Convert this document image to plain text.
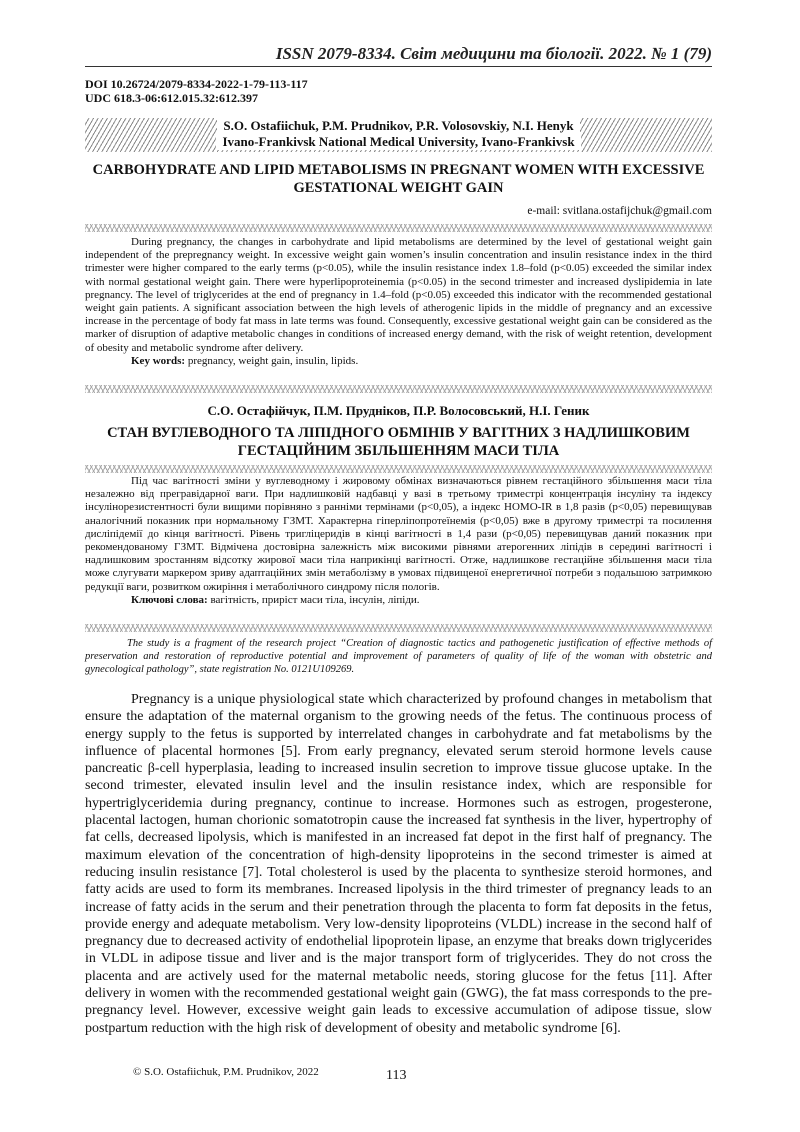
ISSN 2079-8334. Світ медицини та біології. 2022. № 1 (79)
DOI 10.26724/2079-8334-2022-1-79-113-117
UDC 618.3-06:612.015.32:612.397
S.O. Ostafiichuk, P.M. Prudnikov, P.R. Volosovskiy, N.I. Henyk
Ivano-Frankivsk National Medical University, Ivano-Frankivsk
CARBOHYDRATE AND LIPID METABOLISMS IN PREGNANT WOMEN WITH EXCESSIVE
GESTATIONAL WEIGHT GAIN
e-mail: svitlana.ostafijchuk@gmail.com

During pregnancy, the changes in carbohydrate and lipid metabolisms are determined by the level of gestational weight gain independent of the prepregnancy weight. In excessive weight gain women’s insulin concentration and insulin resistance index in the third trimester were higher compared to the early terms (p<0.05), while the insulin resistance index 1.8–fold (p<0.05) exceeded the similar index with normal gestational weight gain. There were hyperlipoproteinemia (p<0.05) in the second trimester and increased dyslipidemia in late pregnancy. The level of triglycerides at the end of pregnancy in 1.4–fold (p<0.05) exceeded this indicator with the recommended gestational weight gain patients. A significant association between the high levels of atherogenic lipids in the middle of pregnancy and an excessive increase in the percentage of body fat mass in late terms was found. Consequently, excessive gestational weight gain can be considered as the marker of disruption of adaptive metabolic changes in conditions of increased energy demand, with the risk of weight retention, development of obesity and metabolic syndrome after delivery.

Key words: pregnancy, weight gain, insulin, lipids.

С.О. Остафійчук, П.М. Прудніков, П.Р. Волосовський, Н.І. Геник
СТАН ВУГЛЕВОДНОГО ТА ЛІПІДНОГО ОБМІНІВ У ВАГІТНИХ З НАДЛИШКОВИМ
ГЕСТАЦІЙНИМ ЗБІЛЬШЕННЯМ МАСИ ТІЛА

Під час вагітності зміни у вуглеводному і жировому обмінах визначаються рівнем гестаційного збільшення маси тіла незалежно від прегравідарної ваги. При надлишковій надбавці у вазі в третьому триместрі концентрація інсуліну та індексу інсулінорезистентності були вищими порівняно з ранніми термінами (p<0,05), а індекс HOMO-IR в 1,8 разів (p<0,05) перевищував аналогічний показник при нормальному ГЗМТ. Характерна гіперліпопротеїнемія (p<0,05) вже в другому триместрі та посилення дисліпідемії до кінця вагітності. Рівень тригліцеридів в кінці вагітності в 1,4 рази (p<0,05) перевищував даний показник при рекомендованому ГЗМТ. Відмічена достовірна залежність між високими рівнями атерогенних ліпідів в середині вагітності і надлишковим зростанням відсотку жирової маси тіла наприкінці вагітності. Отже, надлишкове гестаційне збільшення маси тіла може слугувати маркером зриву адаптаційних змін метаболізму в умовах підвищеної енергетичної потреби з подальшою затримкою редукції ваги, розвитком ожиріння і метаболічного синдрому після пологів.

Ключові слова: вагітність, приріст маси тіла, інсулін, ліпіди.

The study is a fragment of the research project “Creation of diagnostic tactics and pathogenetic justification of effective methods of preservation and restoration of reproductive potential and improvement of parameters of quality of life of the woman with obstetric and gynecological pathology”, state registration No. 0121U109269.
Pregnancy is a unique physiological state which characterized by profound changes in metabolism that ensure the adaptation of the maternal organism to the growing needs of the fetus. The continuous process of energy supply to the fetus is supported by interrelated changes in carbohydrate and fat metabolisms by the influence of placental hormones [5]. From early pregnancy, elevated serum steroid hormone levels cause pancreatic β-cell hyperplasia, leading to increased insulin secretion to improve tissue glucose uptake. In the second trimester, elevated insulin level and the insulin resistance index, which are responsible for hypertriglyceridemia during pregnancy, continue to increase. Hormones such as estrogen, progesterone, placental lactogen, human chorionic somatotropin cause the increased fat synthesis in the liver, hypertrophy of fat cells, decreased lipolysis, which is manifested in an increased fat depot in the first half of pregnancy. The maximum elevation of the concentration of high-density lipoproteins in the second trimester is aimed at reducing insulin resistance [7]. Total cholesterol is used by the placenta to synthesize steroid hormones, and fatty acids are used to form its membranes. Increased lipolysis in the third trimester of pregnancy leads to an increase of fatty acids in the serum and their penetration through the placenta to form fat deposits in the fetus, provide energy and adequate metabolism. Very low-density lipoproteins (VLDL) increase in the second half of pregnancy due to decreased activity of endothelial lipoprotein lipase, an enzyme that breaks down triglycerides in VLDL in adipose tissue and liver and is the major transport form of triglycerides. They do not cross the placenta and are actively used for the maternal metabolic needs, storing glucose for the fetus [11]. After delivery in women with the recommended gestational weight gain (GWG), the fat mass corresponds to the pre-pregnancy level. However, excessive weight gain leads to excessive accumulation of adipose tissue, slow postpartum reduction with the high risk of development of obesity and metabolic syndrome [6].
© S.O. Ostafiichuk, P.M. Prudnikov, 2022	113
